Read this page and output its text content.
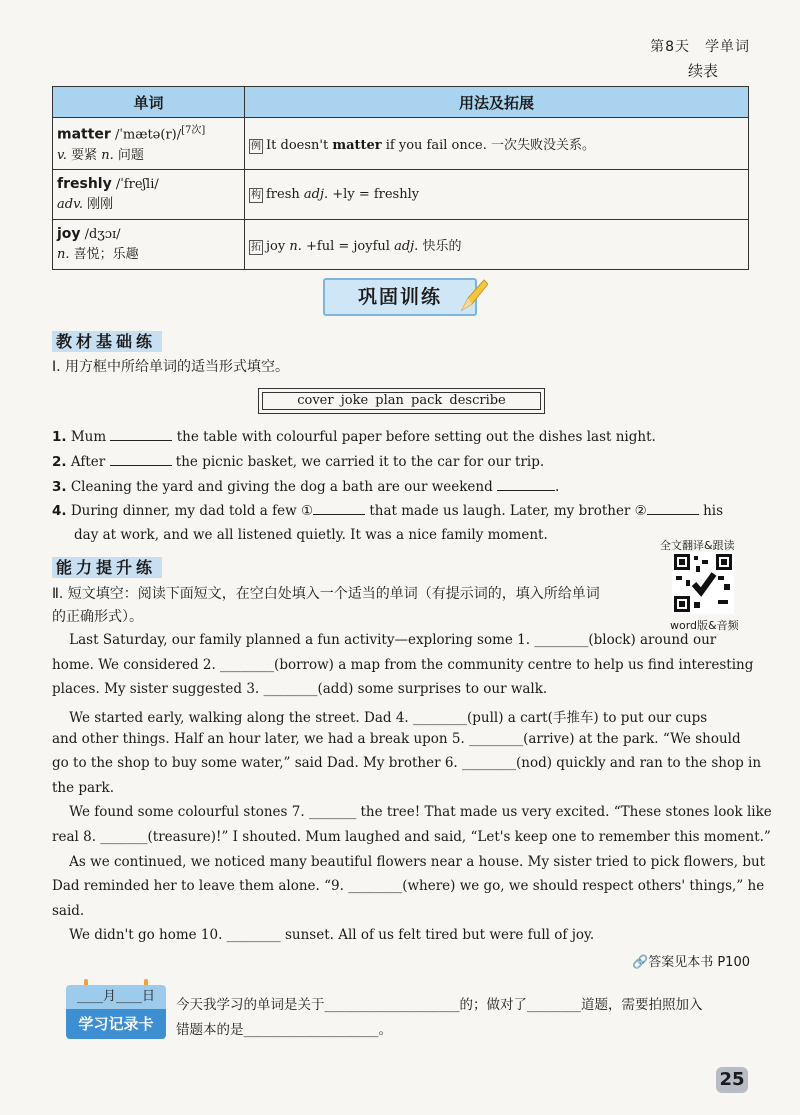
第8天　学单词
续表
单词	用法及拓展
matter /ˈmætə(r)/[7次]
v. 要紧 n. 问题	例 It doesn't matter if you fail once. 一次失败没关系。
freshly /ˈfreʃli/
adv. 刚刚	构 fresh adj. +ly = freshly
joy /dʒɔɪ/
n. 喜悦；乐趣	拓 joy n. +ful = joyful adj. 快乐的
巩固训练
教材基础练
Ⅰ. 用方框中所给单词的适当形式填空。
cover joke plan pack describe
1. Mum	the table with colourful paper before setting out the dishes last night.
2. After	the picnic basket, we carried it to the car for our trip.
3. Cleaning the yard and giving the dog a bath are our weekend	.
4. During dinner, my dad told a few ①	that made us laugh. Later, my brother ②	his
day at work, and we all listened quietly. It was a nice family moment.
全文翻译&跟读
word版&音频
能力提升练
Ⅱ. 短文填空：阅读下面短文，在空白处填入一个适当的单词（有提示词的，填入所给单词
的正确形式）。
Last Saturday, our family planned a fun activity—exploring some 1. ________(block) around our
home. We considered 2. ________(borrow) a map from the community centre to help us find interesting
places. My sister suggested 3. ________(add) some surprises to our walk.
We started early, walking along the street. Dad 4. ________(pull) a cart(手推车) to put our cups
and other things. Half an hour later, we had a break upon 5. ________(arrive) at the park. “We should
go to the shop to buy some water,” said Dad. My brother 6. ________(nod) quickly and ran to the shop in
the park.
We found some colourful stones 7. _______ the tree! That made us very excited. “These stones look like
real 8. _______(treasure)!” I shouted. Mum laughed and said, “Let's keep one to remember this moment.”
As we continued, we noticed many beautiful flowers near a house. My sister tried to pick flowers, but
Dad reminded her to leave them alone. “9. ________(where) we go, we should respect others' things,” he
said.
We didn't go home 10. ________ sunset. All of us felt tired but were full of joy.
🔗答案见本书 P100
____月____日
学习记录卡
今天我学习的单词是关于____________________的；做对了________道题，需要拍照加入
错题本的是____________________。
25
